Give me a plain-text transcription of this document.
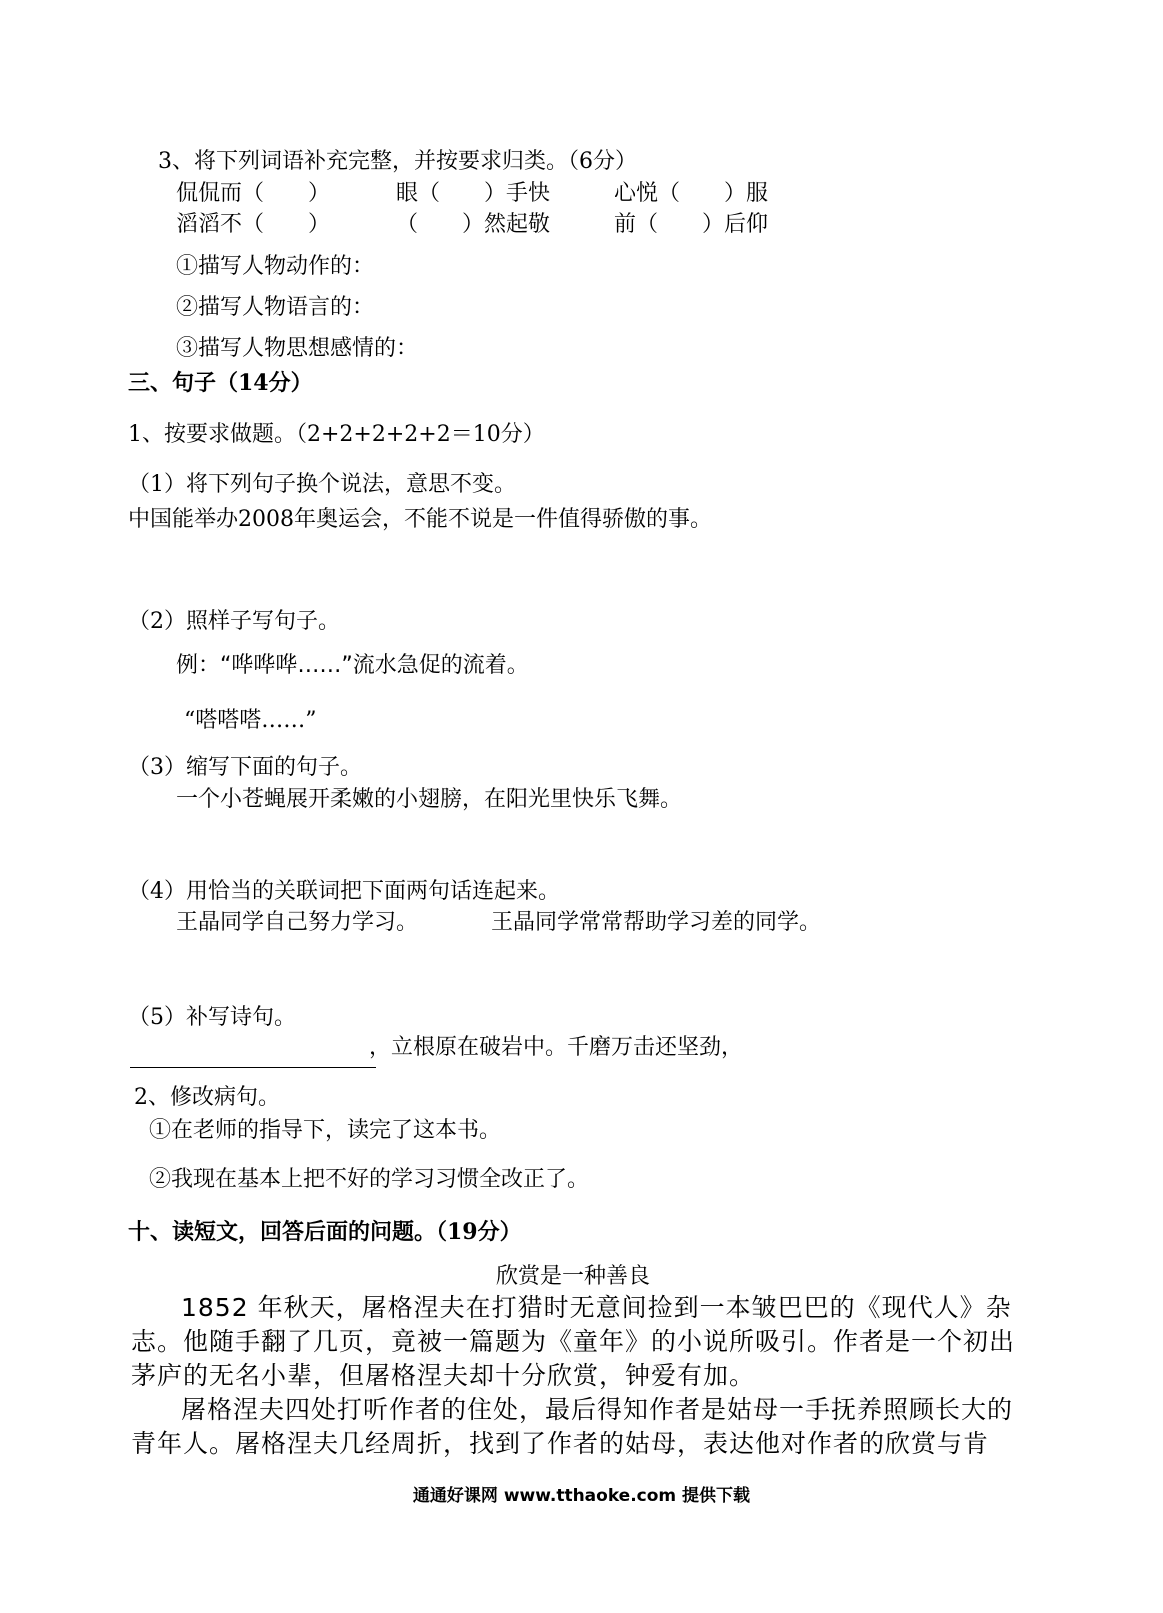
3、将下列词语补充完整，并按要求归类。（6分）
侃侃而（　　）	眼（　　）手快	心悦（　　）服
滔滔不（　　）	（　　）然起敬	前（　　）后仰
①描写人物动作的：
②描写人物语言的：
③描写人物思想感情的：
三、句子（14分）
1、按要求做题。（2+2+2+2+2＝10分）
（1）将下列句子换个说法，意思不变。
中国能举办2008年奥运会，不能不说是一件值得骄傲的事。
（2）照样子写句子。
例：“哗哗哗……”流水急促的流着。
“嗒嗒嗒……”
（3）缩写下面的句子。
一个小苍蝇展开柔嫩的小翅膀，在阳光里快乐飞舞。
（4）用恰当的关联词把下面两句话连起来。
王晶同学自己努力学习。	王晶同学常常帮助学习差的同学。
（5）补写诗句。
，立根原在破岩中。千磨万击还坚劲，
2、修改病句。
①在老师的指导下，读完了这本书。
②我现在基本上把不好的学习习惯全改正了。
十、读短文，回答后面的问题。（19分）
欣赏是一种善良
1852 年秋天，屠格涅夫在打猎时无意间捡到一本皱巴巴的《现代人》杂志。他随手翻了几页，竟被一篇题为《童年》的小说所吸引。作者是一个初出茅庐的无名小辈，但屠格涅夫却十分欣赏，钟爱有加。
屠格涅夫四处打听作者的住处，最后得知作者是姑母一手抚养照顾长大的青年人。屠格涅夫几经周折，找到了作者的姑母，表达他对作者的欣赏与肯
通通好课网 www.tthaoke.com 提供下载
